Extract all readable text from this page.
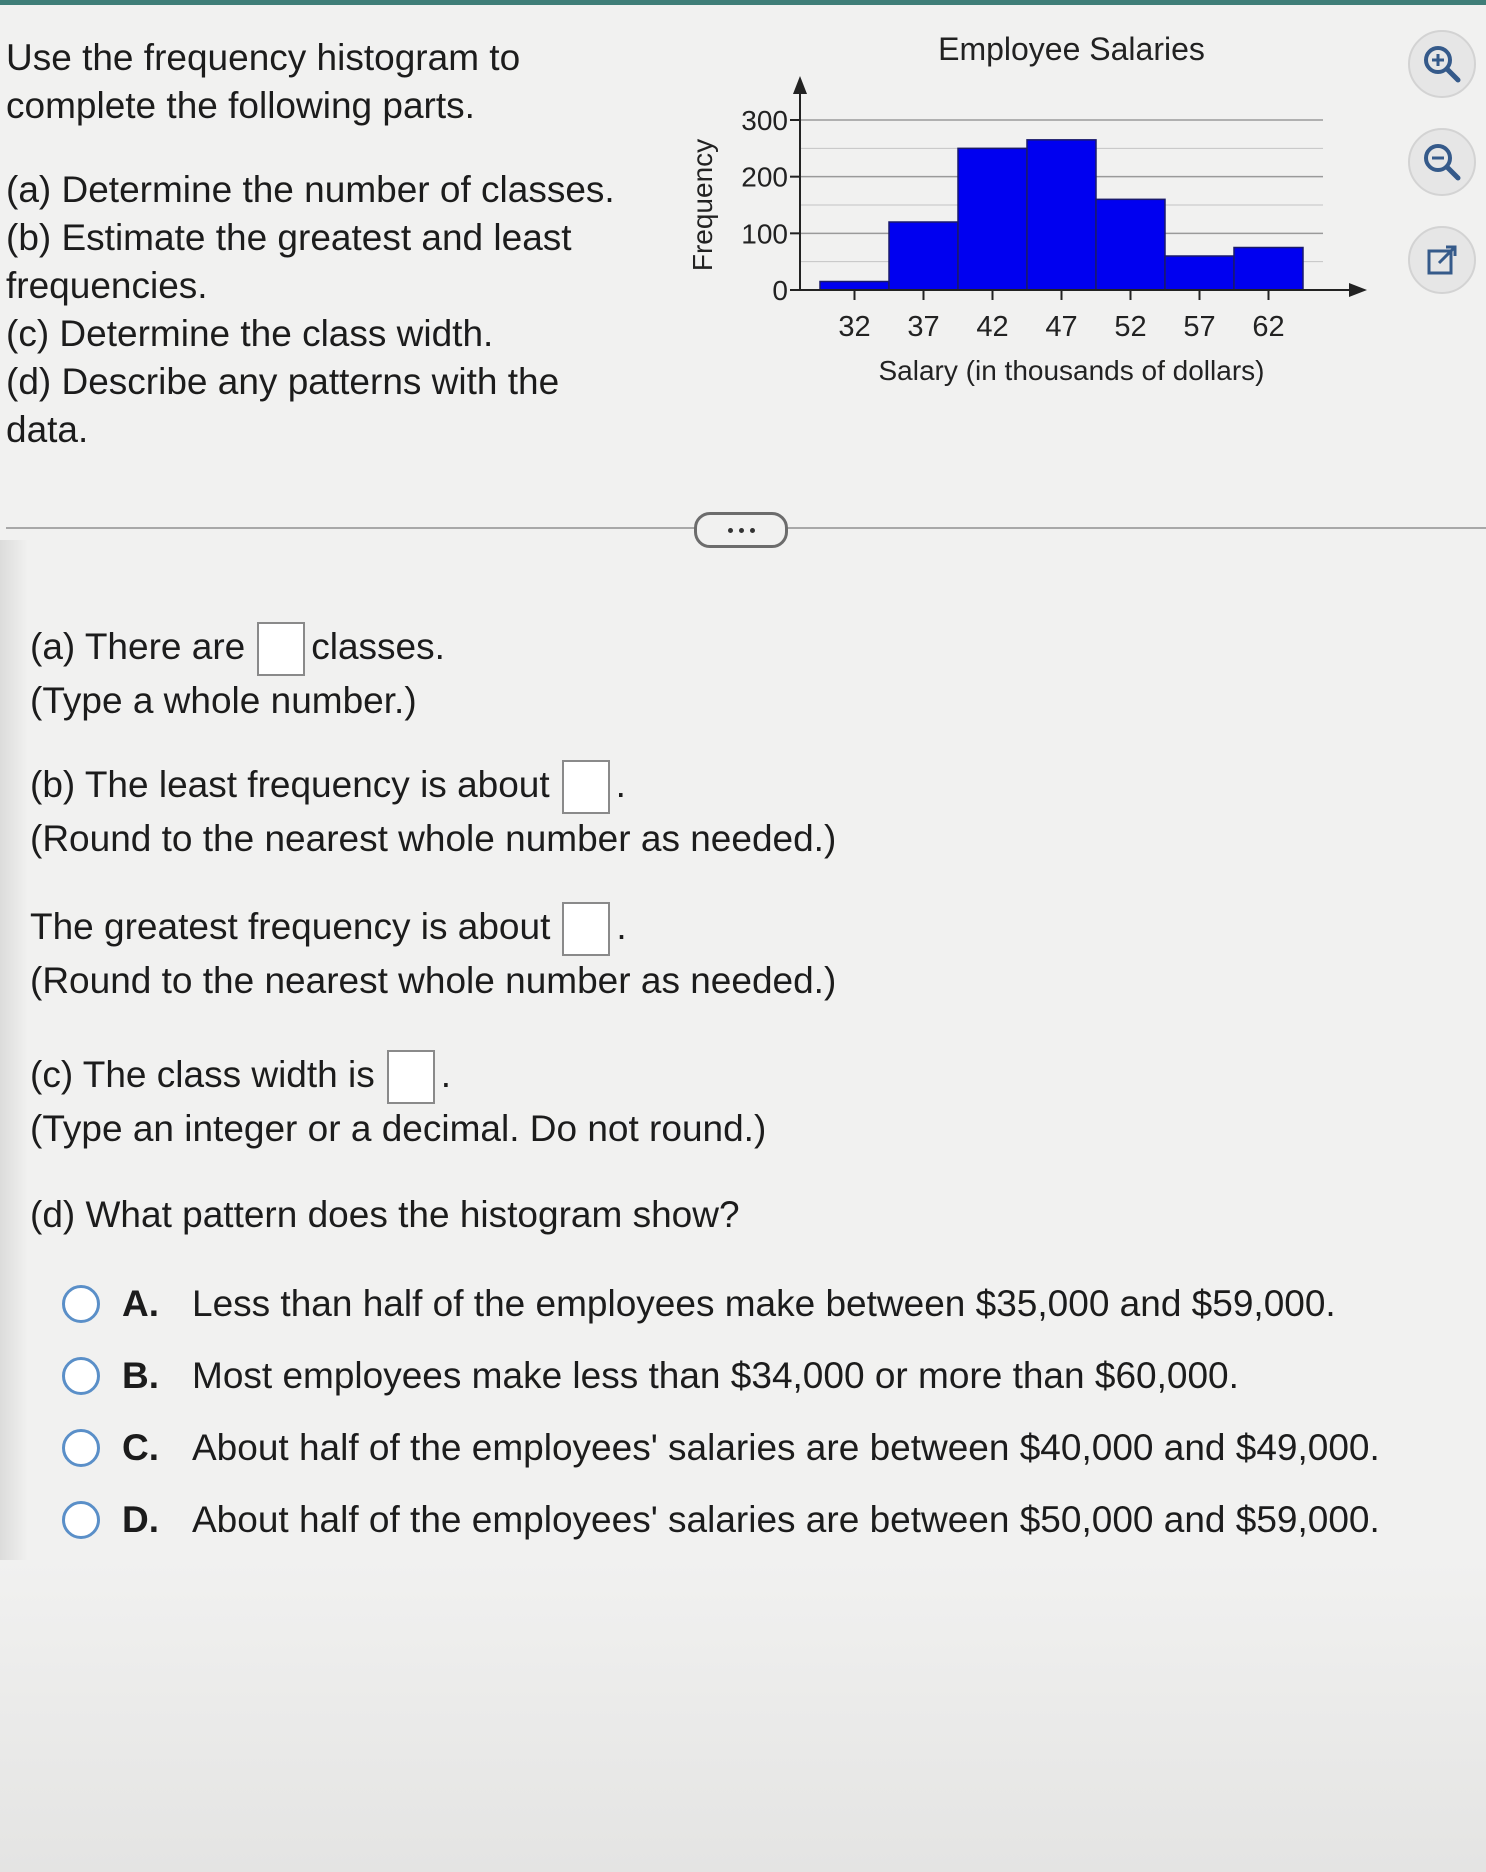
Use the frequency histogram to

complete the following parts.

(a) Determine the number of classes.

(b) Estimate the greatest and least

frequencies.

(c) Determine the class width.

(d) Describe any patterns with the

data.

Employee Salaries
0
100
200
300
32 37 42 47 52 57 62
Salary (in thousands of dollars)
Frequency

(a) There are classes.

(Type a whole number.)

(b) The least frequency is about .

(Round to the nearest whole number as needed.)

The greatest frequency is about .

(Round to the nearest whole number as needed.)

(c) The class width is .

(Type an integer or a decimal. Do not round.)

(d) What pattern does the histogram show?

A. Less than half of the employees make between $35,000 and $59,000.
B. Most employees make less than $34,000 or more than $60,000.
C. About half of the employees' salaries are between $40,000 and $49,000.
D. About half of the employees' salaries are between $50,000 and $59,000.
